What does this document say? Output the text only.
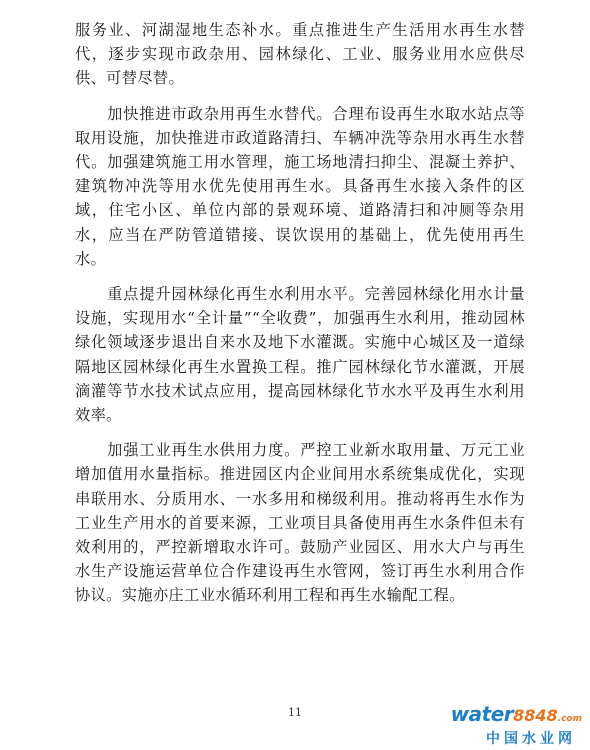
服务业、河湖湿地生态补水。重点推进生产生活用水再生水替代，逐步实现市政杂用、园林绿化、工业、服务业用水应供尽供、可替尽替。

　　加快推进市政杂用再生水替代。合理布设再生水取水站点等取用设施，加快推进市政道路清扫、车辆冲洗等杂用水再生水替代。加强建筑施工用水管理，施工场地清扫抑尘、混凝土养护、建筑物冲洗等用水优先使用再生水。具备再生水接入条件的区域，住宅小区、单位内部的景观环境、道路清扫和冲厕等杂用水，应当在严防管道错接、误饮误用的基础上，优先使用再生水。

　　重点提升园林绿化再生水利用水平。完善园林绿化用水计量设施，实现用水“全计量”“全收费”，加强再生水利用，推动园林绿化领域逐步退出自来水及地下水灌溉。实施中心城区及一道绿隔地区园林绿化再生水置换工程。推广园林绿化节水灌溉，开展滴灌等节水技术试点应用，提高园林绿化节水水平及再生水利用效率。

　　加强工业再生水供用力度。严控工业新水取用量、万元工业增加值用水量指标。推进园区内企业间用水系统集成优化，实现串联用水、分质用水、一水多用和梯级利用。推动将再生水作为工业生产用水的首要来源，工业项目具备使用再生水条件但未有效利用的，严控新增取水许可。鼓励产业园区、用水大户与再生水生产设施运营单位合作建设再生水管网，签订再生水利用合作协议。实施亦庄工业水循环利用工程和再生水输配工程。

11	water8848.com
中国水业网
